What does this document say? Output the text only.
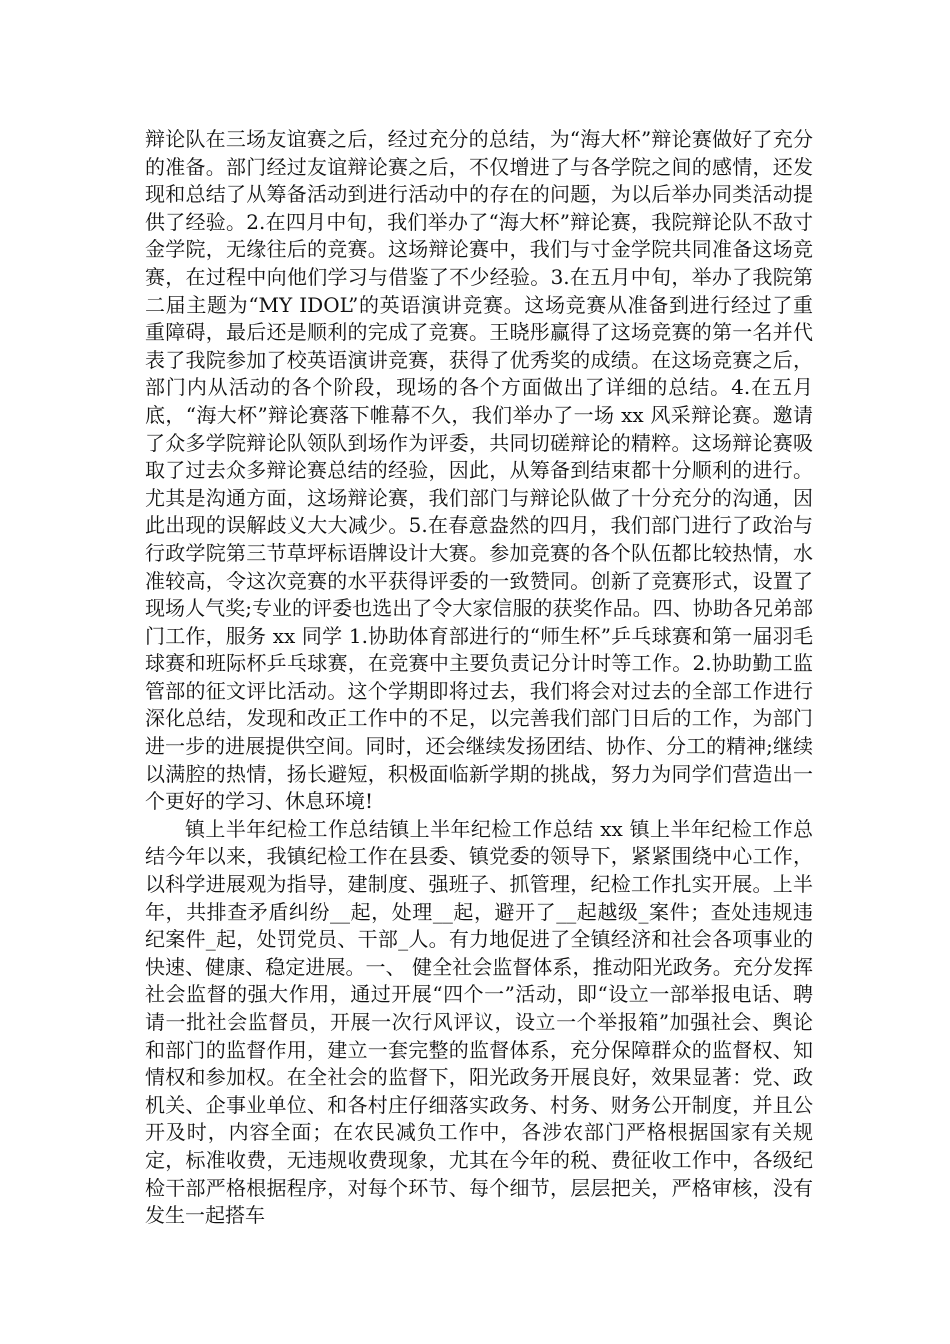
辩论队在三场友谊赛之后，经过充分的总结，为“海大杯”辩论赛做好了充分的准备。部门经过友谊辩论赛之后，不仅增进了与各学院之间的感情，还发现和总结了从筹备活动到进行活动中的存在的问题，为以后举办同类活动提供了经验。2.在四月中旬，我们举办了“海大杯”辩论赛，我院辩论队不敌寸金学院，无缘往后的竞赛。这场辩论赛中，我们与寸金学院共同准备这场竞赛，在过程中向他们学习与借鉴了不少经验。3.在五月中旬，举办了我院第二届主题为“MY IDOL”的英语演讲竞赛。这场竞赛从准备到进行经过了重重障碍，最后还是顺利的完成了竞赛。王晓彤赢得了这场竞赛的第一名并代表了我院参加了校英语演讲竞赛，获得了优秀奖的成绩。在这场竞赛之后，部门内从活动的各个阶段，现场的各个方面做出了详细的总结。4.在五月底，“海大杯”辩论赛落下帷幕不久，我们举办了一场 xx 风采辩论赛。邀请了众多学院辩论队领队到场作为评委，共同切磋辩论的精粹。这场辩论赛吸取了过去众多辩论赛总结的经验，因此，从筹备到结束都十分顺利的进行。尤其是沟通方面，这场辩论赛，我们部门与辩论队做了十分充分的沟通，因此出现的误解歧义大大减少。5.在春意盎然的四月，我们部门进行了政治与行政学院第三节草坪标语牌设计大赛。参加竞赛的各个队伍都比较热情，水准较高，令这次竞赛的水平获得评委的一致赞同。创新了竞赛形式，设置了现场人气奖;专业的评委也选出了令大家信服的获奖作品。四、协助各兄弟部门工作，服务 xx 同学 1.协助体育部进行的“师生杯”乒乓球赛和第一届羽毛球赛和班际杯乒乓球赛，在竞赛中主要负责记分计时等工作。2.协助勤工监管部的征文评比活动。这个学期即将过去，我们将会对过去的全部工作进行深化总结，发现和改正工作中的不足，以完善我们部门日后的工作，为部门进一步的进展提供空间。同时，还会继续发扬团结、协作、分工的精神;继续以满腔的热情，扬长避短，积极面临新学期的挑战，努力为同学们营造出一个更好的学习、休息环境!

镇上半年纪检工作总结镇上半年纪检工作总结 xx 镇上半年纪检工作总结今年以来，我镇纪检工作在县委、镇党委的领导下，紧紧围绕中心工作，以科学进展观为指导，建制度、强班子、抓管理，纪检工作扎实开展。上半年，共排查矛盾纠纷__起，处理__起，避开了__起越级_案件；查处违规违纪案件_起，处罚党员、干部_人。有力地促进了全镇经济和社会各项事业的快速、健康、稳定进展。一、 健全社会监督体系，推动阳光政务。充分发挥社会监督的强大作用，通过开展“四个一”活动，即“设立一部举报电话、聘请一批社会监督员，开展一次行风评议，设立一个举报箱”加强社会、舆论和部门的监督作用，建立一套完整的监督体系，充分保障群众的监督权、知情权和参加权。在全社会的监督下，阳光政务开展良好，效果显著：党、政机关、企事业单位、和各村庄仔细落实政务、村务、财务公开制度，并且公开及时，内容全面；在农民减负工作中，各涉农部门严格根据国家有关规定，标准收费，无违规收费现象，尤其在今年的税、费征收工作中，各级纪检干部严格根据程序，对每个环节、每个细节，层层把关，严格审核，没有发生一起搭车
